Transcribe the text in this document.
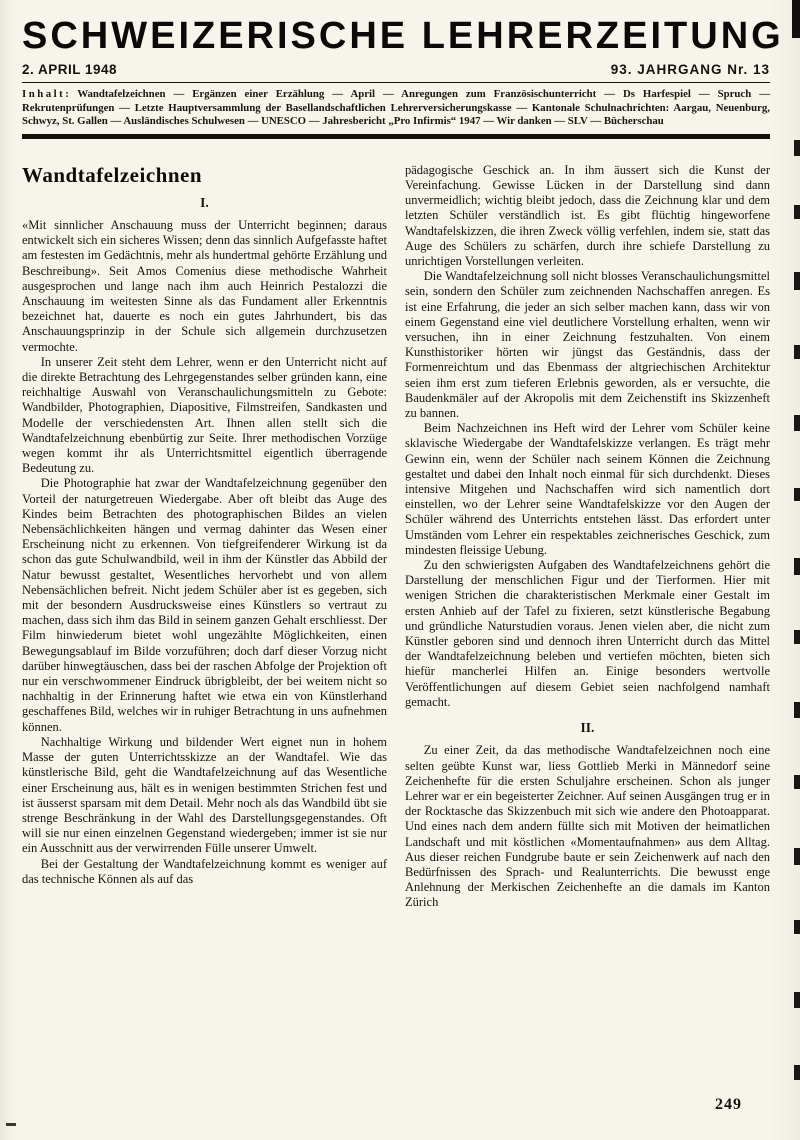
SCHWEIZERISCHE LEHRERZEITUNG
2. APRIL 1948	93. JAHRGANG Nr. 13
Inhalt: Wandtafelzeichnen — Ergänzen einer Erzählung — April — Anregungen zum Französischunterricht — Ds Harfespiel — Spruch — Rekrutenprüfungen — Letzte Hauptversammlung der Basellandschaftlichen Lehrerversicherungskasse — Kantonale Schulnachrichten: Aargau, Neuenburg, Schwyz, St. Gallen — Ausländisches Schulwesen — UNESCO — Jahresbericht „Pro Infirmis“ 1947 — Wir danken — SLV — Bücherschau
Wandtafelzeichnen
I.

«Mit sinnlicher Anschauung muss der Unterricht beginnen; daraus entwickelt sich ein sicheres Wissen; denn das sinnlich Aufgefasste haftet am festesten im Gedächtnis, mehr als hundertmal gehörte Erzählung und Beschreibung». Seit Amos Comenius diese methodische Wahrheit ausgesprochen und lange nach ihm auch Heinrich Pestalozzi die Anschauung im weitesten Sinne als das Fundament aller Erkenntnis bezeichnet hat, dauerte es noch ein gutes Jahrhundert, bis das Anschauungsprinzip in der Schule sich allgemein durchzusetzen vermochte.

In unserer Zeit steht dem Lehrer, wenn er den Unterricht nicht auf die direkte Betrachtung des Lehrgegenstandes selber gründen kann, eine reichhaltige Auswahl von Veranschaulichungsmitteln zu Gebote: Wandbilder, Photographien, Diapositive, Filmstreifen, Sandkasten und Modelle der verschiedensten Art. Ihnen allen stellt sich die Wandtafelzeichnung ebenbürtig zur Seite. Ihrer methodischen Vorzüge wegen kommt ihr als Unterrichtsmittel eigentlich überragende Bedeutung zu.

Die Photographie hat zwar der Wandtafelzeichnung gegenüber den Vorteil der naturgetreuen Wiedergabe. Aber oft bleibt das Auge des Kindes beim Betrachten des photographischen Bildes an vielen Nebensächlichkeiten hängen und vermag dahinter das Wesen einer Erscheinung nicht zu erkennen. Von tiefgreifenderer Wirkung ist da schon das gute Schulwandbild, weil in ihm der Künstler das Abbild der Natur bewusst gestaltet, Wesentliches hervorhebt und von allem Nebensächlichen befreit. Nicht jedem Schüler aber ist es gegeben, sich mit der besondern Ausdrucksweise eines Künstlers so vertraut zu machen, dass sich ihm das Bild in seinem ganzen Gehalt erschliesst. Der Film hinwiederum bietet wohl ungezählte Möglichkeiten, einen Bewegungsablauf im Bilde vorzuführen; doch darf dieser Vorzug nicht darüber hinwegtäuschen, dass bei der raschen Abfolge der Projektion oft nur ein verschwommener Eindruck übrigbleibt, der bei weitem nicht so nachhaltig in der Erinnerung haftet wie etwa ein von Künstlerhand geschaffenes Bild, welches wir in ruhiger Betrachtung in uns aufnehmen können.

Nachhaltige Wirkung und bildender Wert eignet nun in hohem Masse der guten Unterrichtsskizze an der Wandtafel. Wie das künstlerische Bild, geht die Wandtafelzeichnung auf das Wesentliche einer Erscheinung aus, hält es in wenigen bestimmten Strichen fest und ist äusserst sparsam mit dem Detail. Mehr noch als das Wandbild übt sie strenge Beschränkung in der Wahl des Darstellungsgegenstandes. Oft will sie nur einen einzelnen Gegenstand wiedergeben; immer ist sie nur ein Ausschnitt aus der verwirrenden Fülle unserer Umwelt.

Bei der Gestaltung der Wandtafelzeichnung kommt es weniger auf das technische Können als auf das

pädagogische Geschick an. In ihm äussert sich die Kunst der Vereinfachung. Gewisse Lücken in der Darstellung sind dann unvermeidlich; wichtig bleibt jedoch, dass die Zeichnung klar und dem letzten Schüler verständlich ist. Es gibt flüchtig hingeworfene Wandtafelskizzen, die ihren Zweck völlig verfehlen, indem sie, statt das Auge des Schülers zu schärfen, durch ihre schiefe Darstellung zu unrichtigen Vorstellungen verleiten.

Die Wandtafelzeichnung soll nicht blosses Veranschaulichungsmittel sein, sondern den Schüler zum zeichnenden Nachschaffen anregen. Es ist eine Erfahrung, die jeder an sich selber machen kann, dass wir von einem Gegenstand eine viel deutlichere Vorstellung erhalten, wenn wir versuchen, ihn in einer Zeichnung festzuhalten. Von einem Kunsthistoriker hörten wir jüngst das Geständnis, dass der Formenreichtum und das Ebenmass der altgriechischen Architektur seien ihm erst zum tieferen Erlebnis geworden, als er versuchte, die Baudenkmäler auf der Akropolis mit dem Zeichenstift ins Skizzenheft zu bannen.

Beim Nachzeichnen ins Heft wird der Lehrer vom Schüler keine sklavische Wiedergabe der Wandtafelskizze verlangen. Es trägt mehr Gewinn ein, wenn der Schüler nach seinem Können die Zeichnung gestaltet und dabei den Inhalt noch einmal für sich durchdenkt. Dieses intensive Mitgehen und Nachschaffen wird sich namentlich dort einstellen, wo der Lehrer seine Wandtafelskizze vor den Augen der Schüler während des Unterrichts entstehen lässt. Das erfordert unter Umständen vom Lehrer ein respektables zeichnerisches Geschick, zum mindesten fleissige Uebung.

Zu den schwierigsten Aufgaben des Wandtafelzeichnens gehört die Darstellung der menschlichen Figur und der Tierformen. Hier mit wenigen Strichen die charakteristischen Merkmale einer Gestalt im ersten Anhieb auf der Tafel zu fixieren, setzt künstlerische Begabung und gründliche Naturstudien voraus. Jenen vielen aber, die nicht zum Künstler geboren sind und dennoch ihren Unterricht durch das Mittel der Wandtafelzeichnung beleben und vertiefen möchten, bieten sich hiefür mancherlei Hilfen an. Einige besonders wertvolle Veröffentlichungen auf diesem Gebiet seien nachfolgend namhaft gemacht.

II.

Zu einer Zeit, da das methodische Wandtafelzeichnen noch eine selten geübte Kunst war, liess Gottlieb Merki in Männedorf seine Zeichenhefte für die ersten Schuljahre erscheinen. Schon als junger Lehrer war er ein begeisterter Zeichner. Auf seinen Ausgängen trug er in der Rocktasche das Skizzenbuch mit sich wie andere den Photoapparat. Und eines nach dem andern füllte sich mit Motiven der heimatlichen Landschaft und mit köstlichen «Momentaufnahmen» aus dem Alltag. Aus dieser reichen Fundgrube baute er sein Zeichenwerk auf nach den Bedürfnissen des Sprach- und Realunterrichts. Die bewusst enge Anlehnung der Merkischen Zeichenhefte an die damals im Kanton Zürich

249
